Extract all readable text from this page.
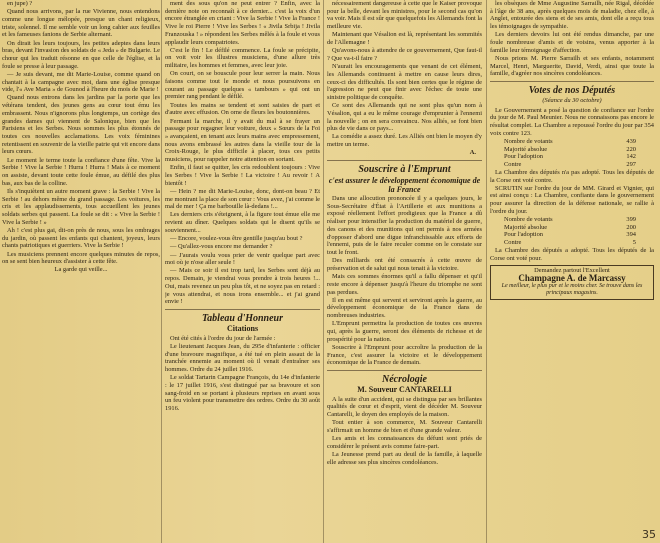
en jupe) ?

Quand nous arrivons, par la rue Vivienne, nous entendons comme une longue mélopée, presque un chant religieux, triste, solennel. Il me semble voir un long cahier aux feuilles et les fameuses fanions de Serbie alternant.

On dirait les leurs toujours, les petites adeptes dans leurs bras, devant l'invasion des soldats de « Jeda » de Bulgarie. Le chœur qui les traduit résonne en que celle de l'église, et la foule se presse à leur passage.

— Je suis devant, me dit Marie-Louise, comme quand on chantait à la campagne avec moi, dans une église presque vide, l'« Ave Maria » de Gounod à l'heure du mois de Marie !

Quand nous entrons dans les jardins par la porte que les vétérans tendent, des jeunes gens au cœur tout ému les embrassent. Nous n'ignorons plus longtemps, un cortège des grandes dames qui viennent de Salonique, bien que les Parisiens et les Serbes. Nous sommes les plus étonnés de toutes ces nouvelles acclamations. Les voix féminines retentissent en souvenir de la vieille patrie qui vit encore dans leurs cœurs.

Le moment le terme toute la confiance d'une fête. Vive la Serbie ! Vive la Serbie ! Hurra ! Hurra ! Mais à ce moment on assiste, devant toute cette foule émue, au défilé des plus bas, aux bas de la colline.

Ils s'inquiètent un autre moment grave : la Serbie ! Vive la Serbie ! au dehors même du grand passage. Les voitures, les cris et les applaudissements, tous accueillent les jeunes soldats serbes qui passent. La foule se dit : « Vive la Serbie ! Vive la Serbie ! »

Ah ! c'est plus gai, dit-on près de nous, sous les ombrages du jardin, où passent les enfants qui chantent, joyeux, leurs chants patriotiques et guerriers. Vive la Serbie !

Les musiciens prennent encore quelques minutes de repos, on se sent bien heureux d'assister à cette fête.

La garde qui veille...

ment des sous qu'on ne peut entrer ? Enfin, avec la dernière note on reconnaît à ce dernier... c'est la voix d'un encore étranglée en criant : Vive la Serbie ! Vive la France ! Vive le roi Pierre ! Vive les Serbes ! « Jivila Srbija ! Jivila Franzouska ! » répondent les Serbes mêlés à la foule et vous applaudir leurs compatriotes.

C'est le fin ! Le défilé commence. La foule se précipite, on voit voir les illustres musiciens, d'une allure très militaire, les hommes et femmes, avec leur joie.

On court, on se bouscule pour leur serrer la main. Nous faisons comme tout le monde et nous poursuivons en courant au passage quelques « tambours » qui ont un premier rang pendant le défilé.

Toutes les mains se tendent et sont saisies de part et d'autre avec effusion. On orne de fleurs les boutonnières.

Fermant la marche, il y avait du mal à se frayer un passage pour regagner leur voiture, deux « Sœurs de la Foi » avançaient, en tenant aux leurs mains avec empressement, nous avons embrassé les autres dans la vieille tour de la Croix-Rouge, le plus difficile à placer, tous ces petits musiciens, pour rappeler notre attention en sortant.

Enfin, il faut se quitter, les cris redoublent toujours : Vive les Serbes ! Vive la Serbie ! La victoire ! Au revoir ! A bientôt !

— Hein ? me dit Marie-Louise, donc, dont-on beau ? Et me montrant la place de son cœur : Vous avez, j'ai comme le mal de mer ! Ça me barbouille là-dedans !...

Les derniers cris s'éteignent, à la figure tout émue elle me revient au dîner. Quelques soldats qui le disent qu'ils se souviennent...

— Encore, voulez-vous être gentille jusqu'au bout ?

— Qu'allez-vous encore me demander ?

— J'aurais voulu vous prier de venir quelque part avec moi où je n'ose aller seule !

— Mais ce soir il est trop tard, les Serbes sont déjà au repos. Demain, je viendrai vous prendre à trois heures !... Oui, mais revenez un peu plus tôt, et ne soyez pas en retard : je vous attendrai, et nous irons ensemble... et j'ai grand envie !

Tableau d'Honneur
Citations

Ont été cités à l'ordre du jour de l'armée :

Le lieutenant Jacques Jean, du 295e d'infanterie : officier d'une bravoure magnifique, a été tué en plein assaut de la tranchée ennemie au moment où il venait d'entraîner ses hommes. Ordre du 24 juillet 1916.

Le soldat Tartarin Campagne François, du 14e d'infanterie : le 17 juillet 1916, s'est distingué par sa bravoure et son sang-froid en se portant à plusieurs reprises en avant sous un feu violent pour transmettre des ordres. Ordre du 30 août 1916.

nécessairement dangereuse à cette que le Kaiser provoque pour la belle, devant les ministres, pour le second cas qu'on va voir. Mais il est sûr que quelquefois les Allemands font la meilleure vie.

Maintenant que Vésalion est là, représentant les sommités de l'Allemagne !

Qu'avons-nous à attendre de ce gouvernement, Que faut-il ? Que va-t-il faire ?

N'aurait les encouragements que venant de cet élément, les Allemands continuent à mettre en cause leurs dires, ceux-ci des difficultés. Ils sont bien certes que le régime de l'agression ne peut que finir avec l'échec de toute une sinistre politique de conquête.

Ce sont des Allemands qui ne sont plus qu'un nom à Vésalion, qui a eu le même courage d'emprunter à l'ennemi la nouvelle ; on en sera convaincu. Nos alliés, se font bien plus de vie dans ce pays...

La comédie a assez duré. Les Alliés ont bien le moyen d'y mettre un terme.

A.
Souscrire à l'Emprunt
c'est assurer le développement économique de la France

Dans une allocution prononcée il y a quelques jours, le Sous-Secrétaire d'État à l'Artillerie et aux munitions a exposé réellement l'effort prodigieux que la France a dû réaliser pour intensifier la production du matériel de guerre, des canons et des munitions qui ont permis à nos armées d'opposer d'abord une digue infranchissable aux efforts de l'ennemi, puis de le faire reculer comme on le constate sur tout le front.

Des milliards ont été consacrés à cette œuvre de préservation et de salut qui nous tenait à la victoire.

Mais ces sommes énormes qu'il a fallu dépenser et qu'il reste encore à dépenser jusqu'à l'heure du triomphe ne sont pas perdues.

Il en est même qui servent et serviront après la guerre, au développement économique de la France dans de nombreuses industries.

L'Emprunt permettra la production de toutes ces œuvres qui, après la guerre, seront des éléments de richesse et de prospérité pour la nation.

Souscrire à l'Emprunt pour accroître la production de la France, c'est assurer la victoire et le développement économique de la France de demain.

Nécrologie
M. Souveur CANTARELLI

A la suite d'un accident, qui se distingua par ses brillantes qualités de cœur et d'esprit, vient de décéder M. Souveur Cantarelli, le doyen des employés de la maison.

Tout entier à son commerce, M. Souveur Cantarelli s'affirmait un homme de bien et d'une grande valeur.

Les amis et les connaissances du défunt sont priés de considérer le présent avis comme faire-part.

La Jeunesse prend part au deuil de la famille, à laquelle elle adresse ses plus sincères condoléances.

les obsèques de Mme Augustine Sarrailh, née Rigal, décédée à l'âge de 38 ans, après quelques mois de maladie, chez elle, à Anglet, entourée des siens et de ses amis, dont elle a reçu tous les témoignages de sympathie.

Les derniers devoirs lui ont été rendus dimanche, par une foule nombreuse d'amis et de voisins, venus apporter à la famille leur témoignage d'affection.

Nous prions M. Pierre Sarrailh et ses enfants, notamment Marcel, Henri, Marguerite, David, Verdi, ainsi que toute la famille, d'agréer nos sincères condoléances.

Votes de nos Députés
(Séance du 30 octobre)

Le Gouvernement a posé la question de confiance sur l'ordre du jour de M. Paul Meunier. Nous ne connaissons pas encore le résultat complet. La Chambre a repoussé l'ordre du jour par 354 voix contre 123.

Nombre de votants	439
Majorité absolue	220
Pour l'adoption	142
Contre	297

La Chambre des députés n'a pas adopté. Tous les députés de la Corse ont voté contre.

SCRUTIN sur l'ordre du jour de MM. Girard et Vignier, qui est ainsi conçu : La Chambre, confiante dans le gouvernement pour assurer la direction de la défense nationale, se rallie à l'ordre du jour.

Nombre de votants	399
Majorité absolue	200
Pour l'adoption	394
Contre	5

La Chambre des députés a adopté. Tous les députés de la Corse ont voté pour.

Demandez partout l'Excellent
Champagne A. de Marcassy
Le meilleur, le plus pur et le moins cher. Se trouve dans les principaux magasins.
35
